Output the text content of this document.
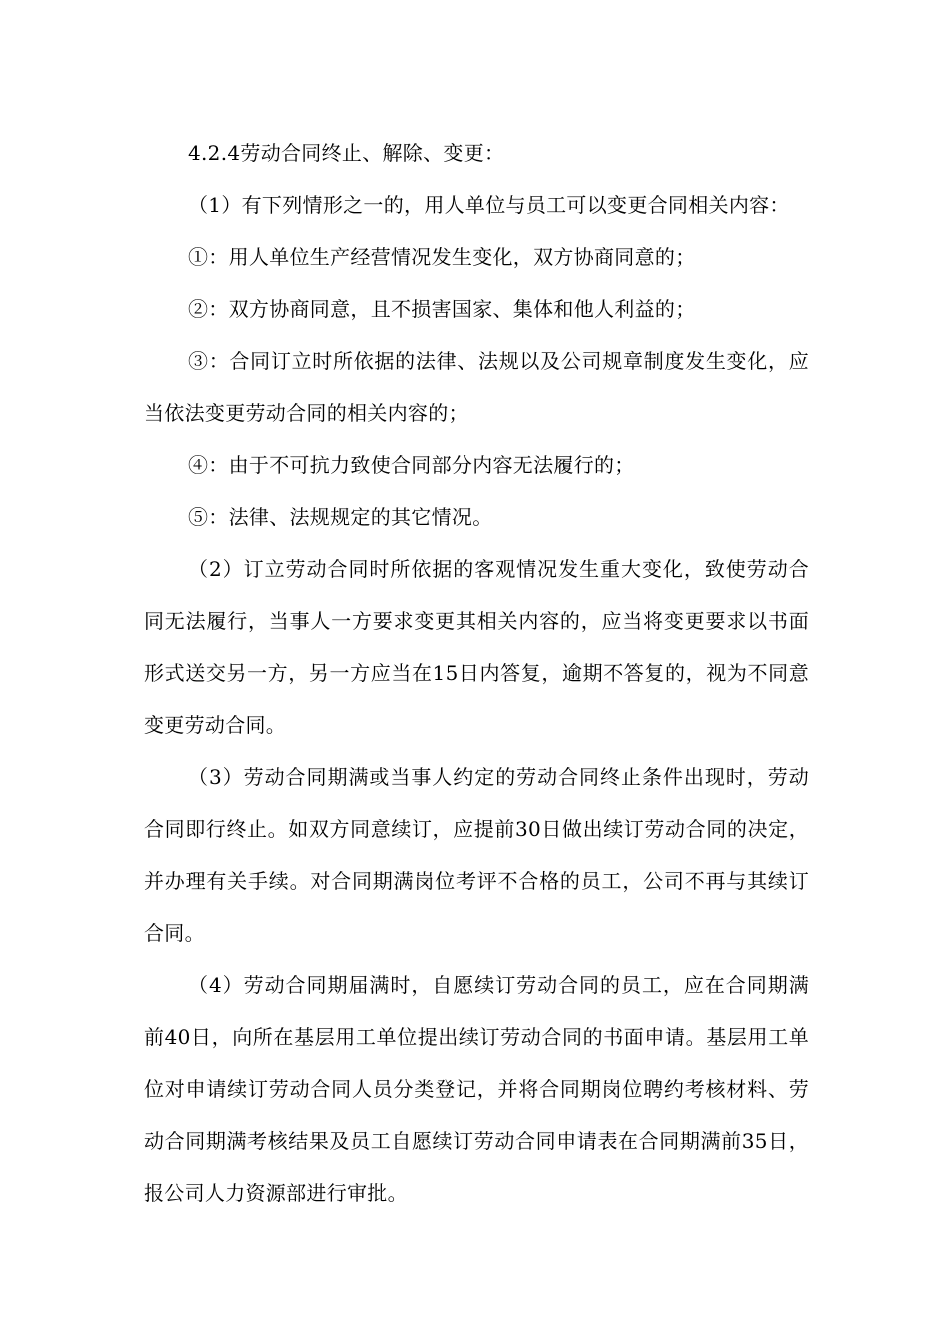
4.2.4劳动合同终止、解除、变更：

（1）有下列情形之一的，用人单位与员工可以变更合同相关内容：

①：用人单位生产经营情况发生变化，双方协商同意的；

②：双方协商同意，且不损害国家、集体和他人利益的；

③：合同订立时所依据的法律、法规以及公司规章制度发生变化，应当依法变更劳动合同的相关内容的；

④：由于不可抗力致使合同部分内容无法履行的；

⑤：法律、法规规定的其它情况。

（2）订立劳动合同时所依据的客观情况发生重大变化，致使劳动合同无法履行，当事人一方要求变更其相关内容的，应当将变更要求以书面形式送交另一方，另一方应当在15日内答复，逾期不答复的，视为不同意变更劳动合同。

（3）劳动合同期满或当事人约定的劳动合同终止条件出现时，劳动合同即行终止。如双方同意续订，应提前30日做出续订劳动合同的决定，并办理有关手续。对合同期满岗位考评不合格的员工，公司不再与其续订合同。

（4）劳动合同期届满时，自愿续订劳动合同的员工，应在合同期满前40日，向所在基层用工单位提出续订劳动合同的书面申请。基层用工单位对申请续订劳动合同人员分类登记，并将合同期岗位聘约考核材料、劳动合同期满考核结果及员工自愿续订劳动合同申请表在合同期满前35日，报公司人力资源部进行审批。
